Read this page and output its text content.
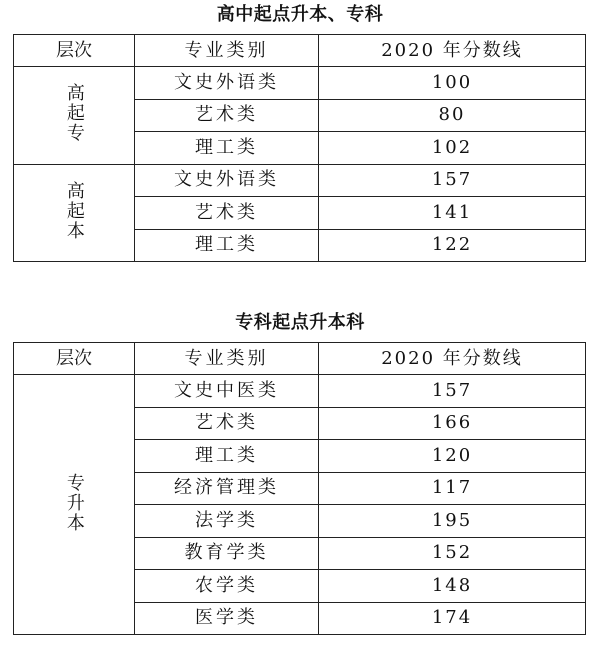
高中起点升本、专科
层次	专业类别	2020 年分数线
高起专	文史外语类	100
	艺术类	80
	理工类	102
高起本	文史外语类	157
	艺术类	141
	理工类	122
专科起点升本科
层次	专业类别	2020 年分数线
专升本	文史中医类	157
	艺术类	166
	理工类	120
	经济管理类	117
	法学类	195
	教育学类	152
	农学类	148
	医学类	174
